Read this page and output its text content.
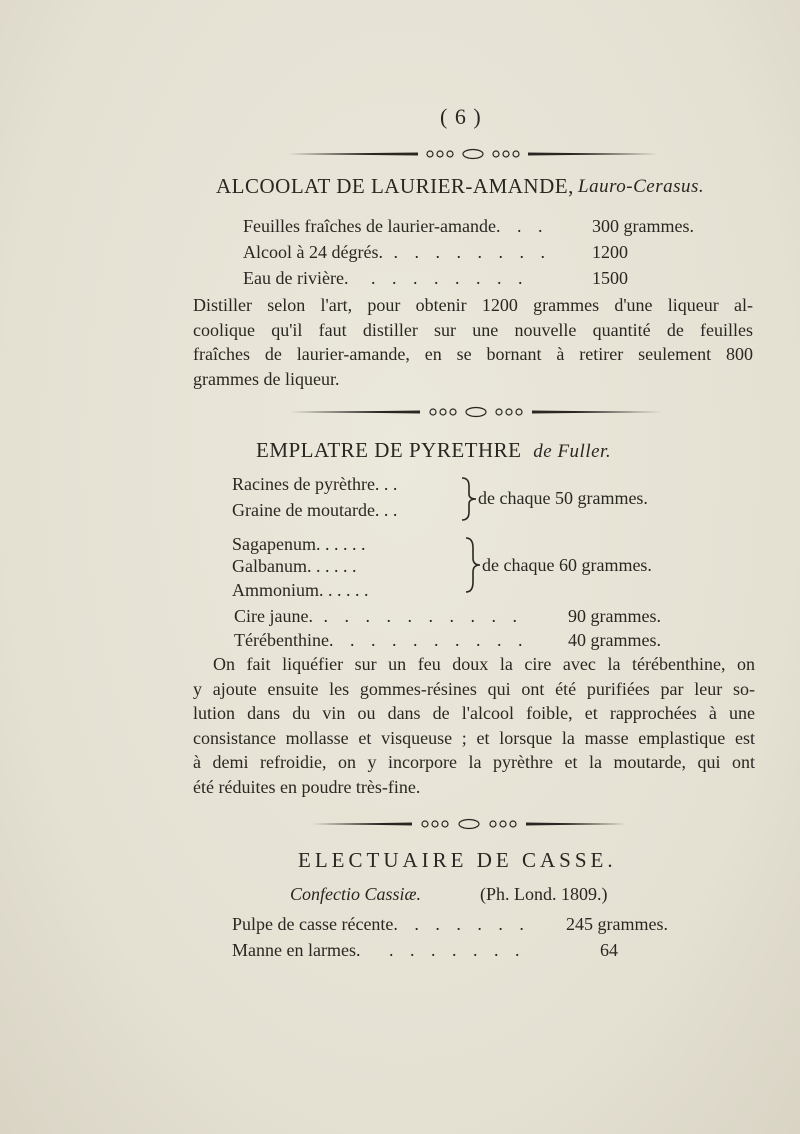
( 6 )
ALCOOLAT DE LAURIER-AMANDE, Lauro-Cerasus.
Feuilles fraîches de laurier-amande. . . 300 grammes.
Alcool à 24 dégrés. . . . . . . . . 1200
Eau de rivière. . . . . . . . .	1500
Distiller selon l'art, pour obtenir 1200 grammes d'une liqueur al-
coolique qu'il faut distiller sur une nouvelle quantité de feuilles
fraîches de laurier-amande, en se bornant à retirer seulement 800
grammes de liqueur.
EMPLATRE DE PYRETHRE de Fuller.
Racines de pyrèthre. . .
Graine de moutarde. . .
de chaque 50 grammes.
Sagapenum. . . . . .
Galbanum. . . . . .
Ammonium. . . . . .
de chaque 60 grammes.
Cire jaune. . . . . . . . . . .	90 grammes.
Térébenthine. . . . . . . . . . 40 grammes.
On fait liquéfier sur un feu doux la cire avec la térébenthine, on
y ajoute ensuite les gommes-résines qui ont été purifiées par leur so-
lution dans du vin ou dans de l'alcool foible, et rapprochées à une
consistance mollasse et visqueuse ; et lorsque la masse emplastique est
à demi refroidie, on y incorpore la pyrèthre et la moutarde, qui ont
été réduites en poudre très-fine.
ELECTUAIRE DE CASSE.
Confectio Cassiæ.	(Ph. Lond. 1809.)
Pulpe de casse récente. . . . . . . 245 grammes.
Manne en larmes. . . . . . . .	64
